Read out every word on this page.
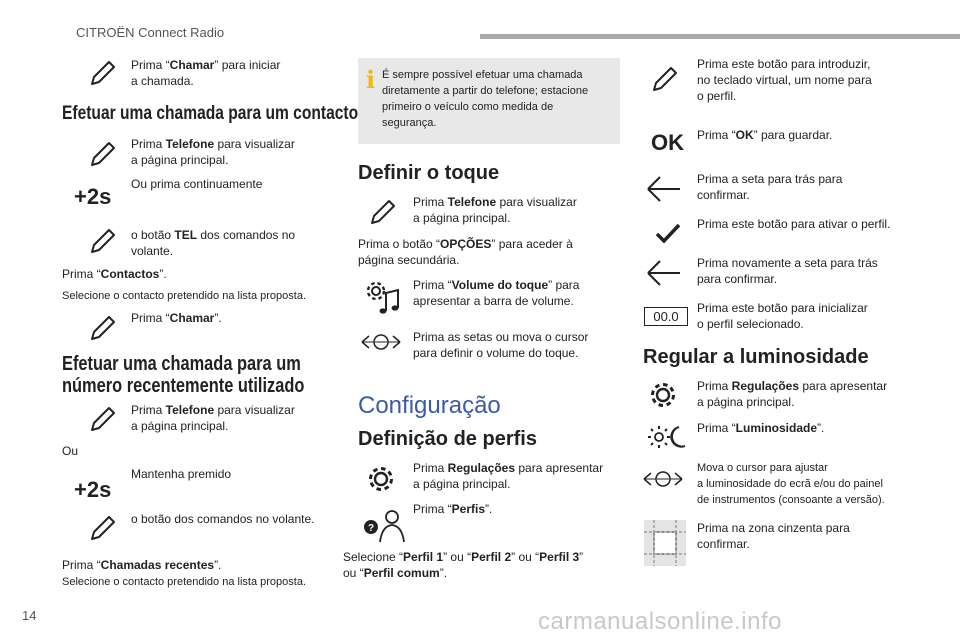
CITROËN Connect Radio
14	carmanualsonline.info
Prima “Chamar” para iniciar
a chamada.
Efetuar uma chamada para um contacto
Prima Telefone para visualizar
a página principal.
+2s Ou prima continuamente
o botão TEL dos comandos no
volante.
Prima “Contactos”.
Selecione o contacto pretendido na lista proposta.
Prima “Chamar”.
Efetuar uma chamada para um
número recentemente utilizado
Prima Telefone para visualizar
a página principal.
Ou
+2s
Mantenha premido
o botão dos comandos no volante.
Prima “Chamadas recentes”.
Selecione o contacto pretendido na lista proposta.
i É sempre possível efetuar uma chamada
diretamente a partir do telefone; estacione
primeiro o veículo como medida de
segurança.
Definir o toque
Prima Telefone para visualizar
a página principal.
Prima o botão “OPÇÕES” para aceder à
página secundária.
Prima “Volume do toque” para
apresentar a barra de volume.
Prima as setas ou mova o cursor
para definir o volume do toque.
Configuração
Definição de perfis
Prima Regulações para apresentar
a página principal.
?
Prima “Perfis”.
Selecione “Perfil 1” ou “Perfil 2” ou “Perfil 3”
ou “Perfil comum”.
Prima este botão para introduzir,
no teclado virtual, um nome para
o perfil.
OK Prima “OK” para guardar.
Prima a seta para trás para
confirmar.
Prima este botão para ativar o perfil.
Prima novamente a seta para trás
para confirmar.
00.0
Prima este botão para inicializar
o perfil selecionado.
Regular a luminosidade
Prima Regulações para apresentar
a página principal.
Prima “Luminosidade”.
Mova o cursor para ajustar
a luminosidade do ecrã e/ou do painel
de instrumentos (consoante a versão).
Prima na zona cinzenta para
confirmar.
